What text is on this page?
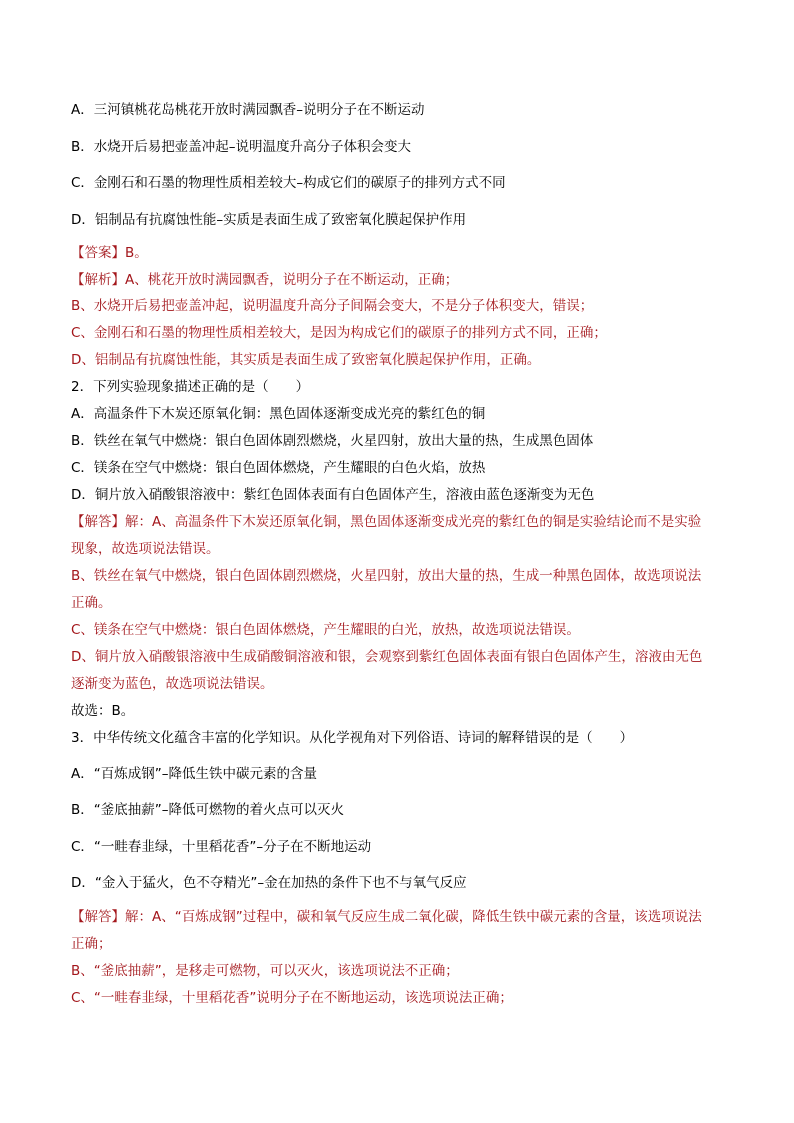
A．三河镇桃花岛桃花开放时满园飘香–说明分子在不断运动
B．水烧开后易把壶盖冲起–说明温度升高分子体积会变大
C．金刚石和石墨的物理性质相差较大–构成它们的碳原子的排列方式不同
D．铝制品有抗腐蚀性能–实质是表面生成了致密氧化膜起保护作用
【答案】B。
【解析】A、桃花开放时满园飘香，说明分子在不断运动，正确；
B、水烧开后易把壶盖冲起，说明温度升高分子间隔会变大，不是分子体积变大，错误；
C、金刚石和石墨的物理性质相差较大，是因为构成它们的碳原子的排列方式不同，正确；
D、铝制品有抗腐蚀性能，其实质是表面生成了致密氧化膜起保护作用，正确。
2．下列实验现象描述正确的是（　　）
A．高温条件下木炭还原氧化铜：黑色固体逐渐变成光亮的紫红色的铜
B．铁丝在氧气中燃烧：银白色固体剧烈燃烧，火星四射，放出大量的热，生成黑色固体
C．镁条在空气中燃烧：银白色固体燃烧，产生耀眼的白色火焰，放热
D．铜片放入硝酸银溶液中：紫红色固体表面有白色固体产生，溶液由蓝色逐渐变为无色
【解答】解：A、高温条件下木炭还原氧化铜，黑色固体逐渐变成光亮的紫红色的铜是实验结论而不是实验
现象，故选项说法错误。
B、铁丝在氧气中燃烧，银白色固体剧烈燃烧，火星四射，放出大量的热，生成一种黑色固体，故选项说法
正确。
C、镁条在空气中燃烧：银白色固体燃烧，产生耀眼的白光，放热，故选项说法错误。
D、铜片放入硝酸银溶液中生成硝酸铜溶液和银，会观察到紫红色固体表面有银白色固体产生，溶液由无色
逐渐变为蓝色，故选项说法错误。
故选：B。
3．中华传统文化蕴含丰富的化学知识。从化学视角对下列俗语、诗词的解释错误的是（　　）
A．“百炼成钢”–降低生铁中碳元素的含量
B．“釜底抽薪”–降低可燃物的着火点可以灭火
C．“一畦春韭绿，十里稻花香”–分子在不断地运动
D．“金入于猛火，色不夺精光”–金在加热的条件下也不与氧气反应
【解答】解：A、“百炼成钢”过程中，碳和氧气反应生成二氧化碳，降低生铁中碳元素的含量，该选项说法
正确；
B、“釜底抽薪”，是移走可燃物，可以灭火，该选项说法不正确；
C、“一畦春韭绿，十里稻花香”说明分子在不断地运动，该选项说法正确；
